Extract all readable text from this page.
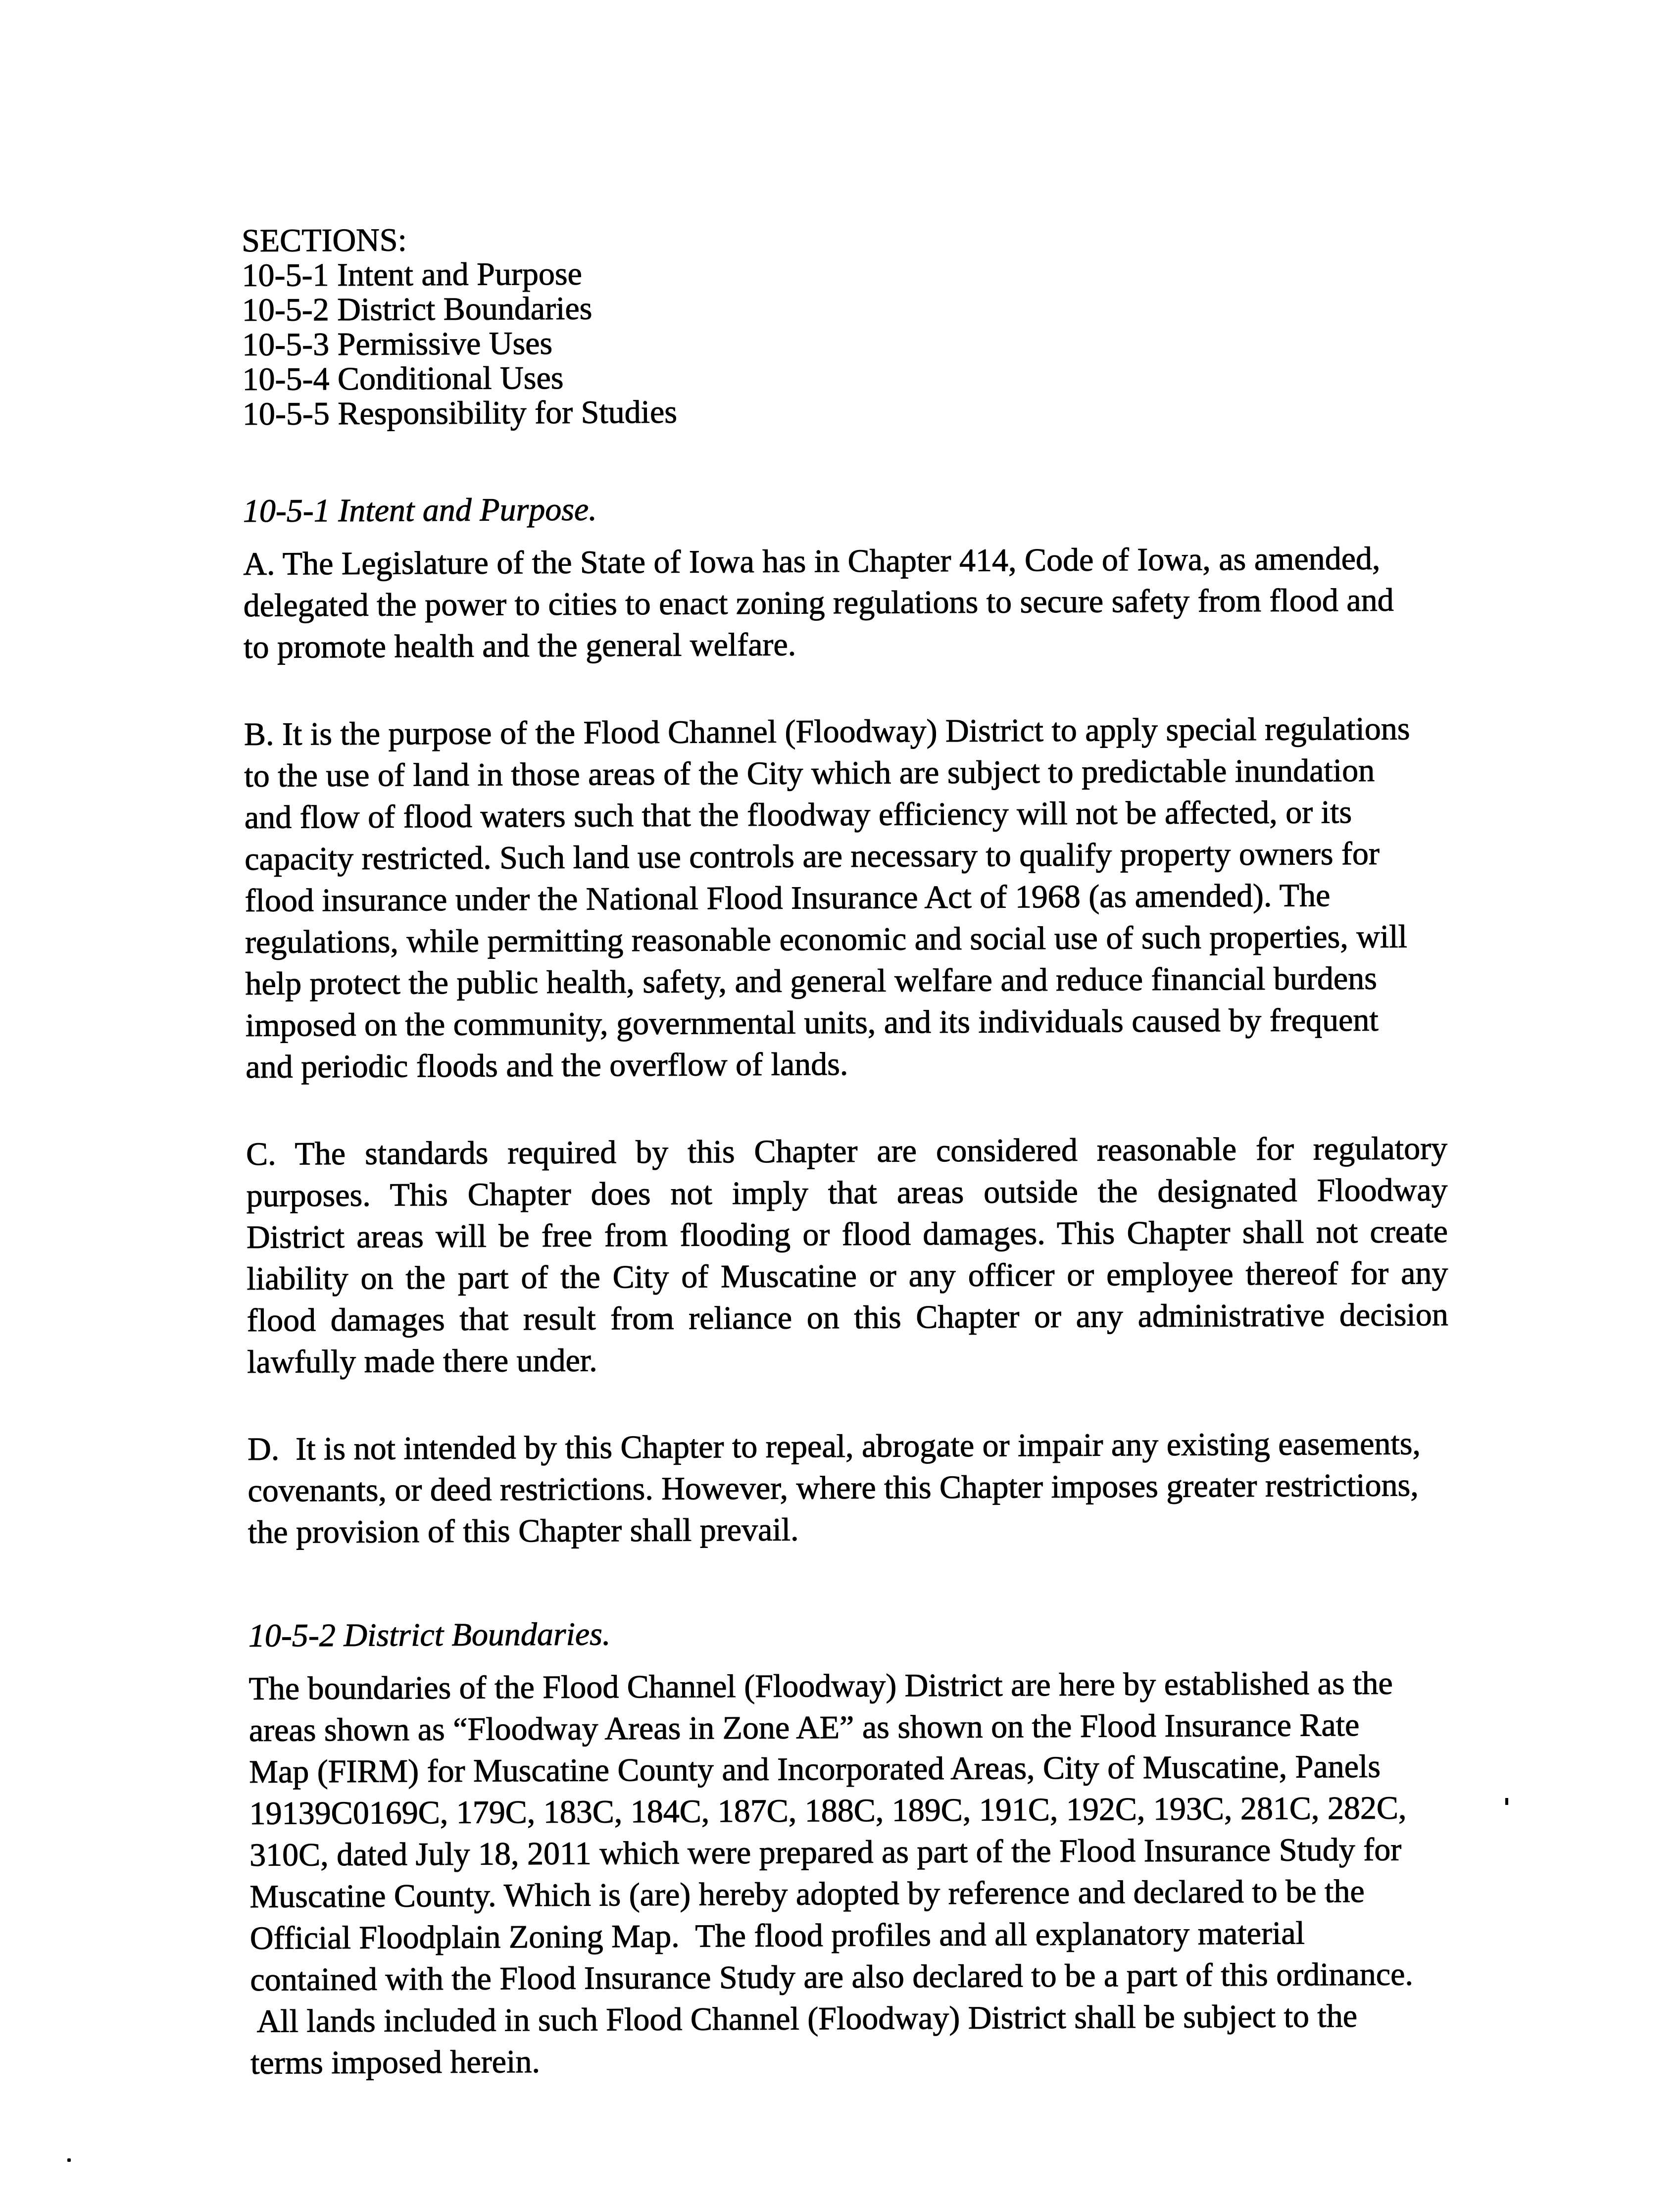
SECTIONS:
10-5-1 Intent and Purpose
10-5-2 District Boundaries
10-5-3 Permissive Uses
10-5-4 Conditional Uses
10-5-5 Responsibility for Studies
10-5-1 Intent and Purpose.
A. The Legislature of the State of Iowa has in Chapter 414, Code of Iowa, as amended,
delegated the power to cities to enact zoning regulations to secure safety from flood and
to promote health and the general welfare.
B. It is the purpose of the Flood Channel (Floodway) District to apply special regulations
to the use of land in those areas of the City which are subject to predictable inundation
and flow of flood waters such that the floodway efficiency will not be affected, or its
capacity restricted. Such land use controls are necessary to qualify property owners for
flood insurance under the National Flood Insurance Act of 1968 (as amended). The
regulations, while permitting reasonable economic and social use of such properties, will
help protect the public health, safety, and general welfare and reduce financial burdens
imposed on the community, governmental units, and its individuals caused by frequent
and periodic floods and the overflow of lands.
C. The standards required by this Chapter are considered reasonable for regulatory
purposes. This Chapter does not imply that areas outside the designated Floodway
District areas will be free from flooding or flood damages. This Chapter shall not create
liability on the part of the City of Muscatine or any officer or employee thereof for any
flood damages that result from reliance on this Chapter or any administrative decision
lawfully made there under.
D.  It is not intended by this Chapter to repeal, abrogate or impair any existing easements,
covenants, or deed restrictions. However, where this Chapter imposes greater restrictions,
the provision of this Chapter shall prevail.
10-5-2 District Boundaries.
The boundaries of the Flood Channel (Floodway) District are here by established as the
areas shown as “Floodway Areas in Zone AE” as shown on the Flood Insurance Rate
Map (FIRM) for Muscatine County and Incorporated Areas, City of Muscatine, Panels
19139C0169C, 179C, 183C, 184C, 187C, 188C, 189C, 191C, 192C, 193C, 281C, 282C,
310C, dated July 18, 2011 which were prepared as part of the Flood Insurance Study for
Muscatine County. Which is (are) hereby adopted by reference and declared to be the
Official Floodplain Zoning Map.  The flood profiles and all explanatory material
contained with the Flood Insurance Study are also declared to be a part of this ordinance.
All lands included in such Flood Channel (Floodway) District shall be subject to the
terms imposed herein.
